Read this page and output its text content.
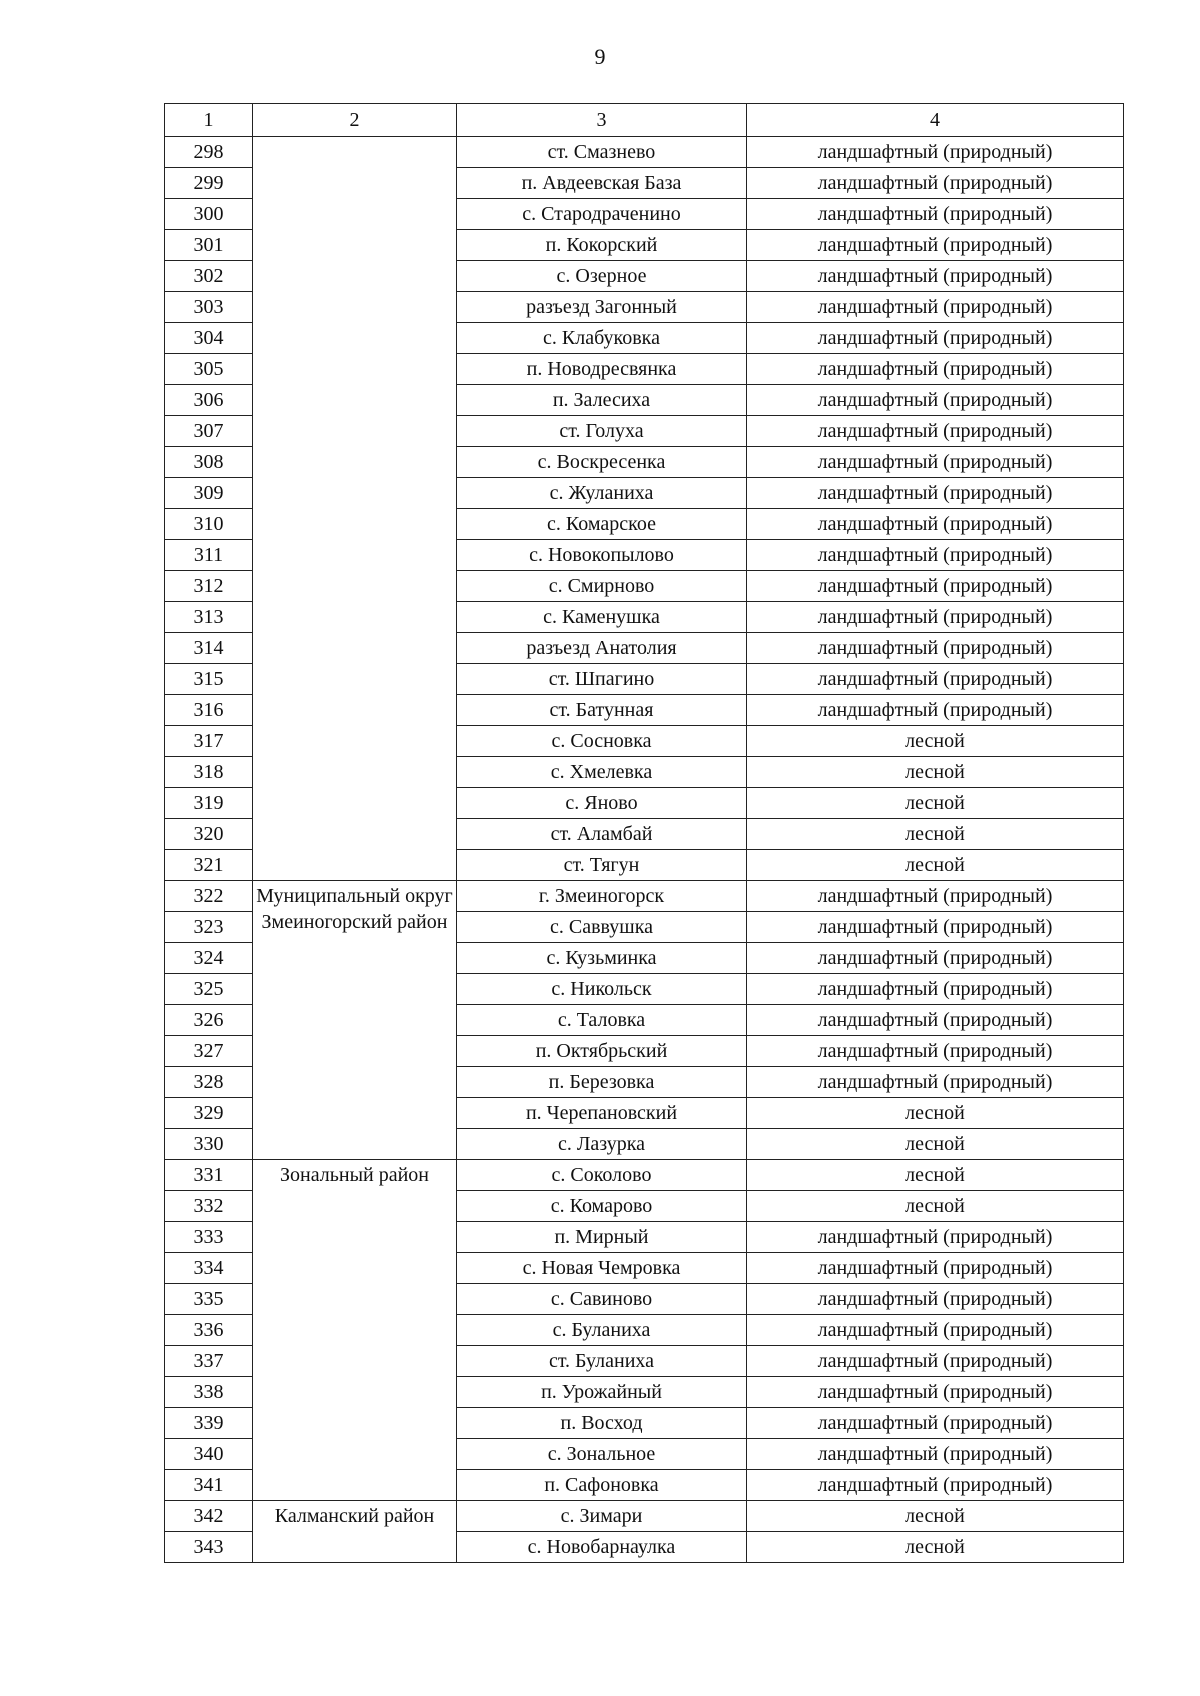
9
1	2	3	4
298		ст. Смазнево	ландшафтный (природный)
299		п. Авдеевская База	ландшафтный (природный)
300		с. Стародраченино	ландшафтный (природный)
301		п. Кокорский	ландшафтный (природный)
302		с. Озерное	ландшафтный (природный)
303		разъезд Загонный	ландшафтный (природный)
304		с. Клабуковка	ландшафтный (природный)
305		п. Новодресвянка	ландшафтный (природный)
306		п. Залесиха	ландшафтный (природный)
307		ст. Голуха	ландшафтный (природный)
308		с. Воскресенка	ландшафтный (природный)
309		с. Жуланиха	ландшафтный (природный)
310		с. Комарское	ландшафтный (природный)
311		с. Новокопылово	ландшафтный (природный)
312		с. Смирново	ландшафтный (природный)
313		с. Каменушка	ландшафтный (природный)
314		разъезд Анатолия	ландшафтный (природный)
315		ст. Шпагино	ландшафтный (природный)
316		ст. Батунная	ландшафтный (природный)
317		с. Сосновка	лесной
318		с. Хмелевка	лесной
319		с. Яново	лесной
320		ст. Аламбай	лесной
321		ст. Тягун	лесной
322	Муниципальный округ Змеиногорский район	г. Змеиногорск	ландшафтный (природный)
323		с. Саввушка	ландшафтный (природный)
324		с. Кузьминка	ландшафтный (природный)
325		с. Никольск	ландшафтный (природный)
326		с. Таловка	ландшафтный (природный)
327		п. Октябрьский	ландшафтный (природный)
328		п. Березовка	ландшафтный (природный)
329		п. Черепановский	лесной
330		с. Лазурка	лесной
331	Зональный район	с. Соколово	лесной
332		с. Комарово	лесной
333		п. Мирный	ландшафтный (природный)
334		с. Новая Чемровка	ландшафтный (природный)
335		с. Савиново	ландшафтный (природный)
336		с. Буланиха	ландшафтный (природный)
337		ст. Буланиха	ландшафтный (природный)
338		п. Урожайный	ландшафтный (природный)
339		п. Восход	ландшафтный (природный)
340		с. Зональное	ландшафтный (природный)
341		п. Сафоновка	ландшафтный (природный)
342	Калманский район	с. Зимари	лесной
343		с. Новобарнаулка	лесной
